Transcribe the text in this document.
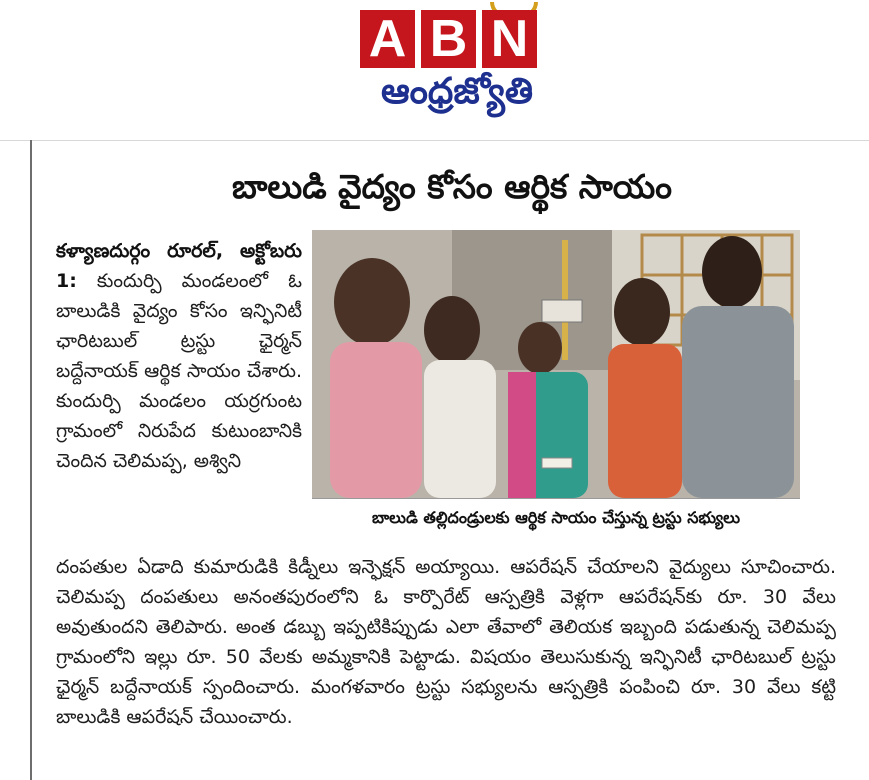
A B N
ఆంధ్రజ్యోతి
బాలుడి వైద్యం కోసం ఆర్థిక సాయం
బాలుడి తల్లిదండ్రులకు ఆర్థిక సాయం చేస్తున్న ట్రస్టు సభ్యులు
కళ్యాణదుర్గం రూరల్, అక్టోబరు 1: కుందుర్పి మండలంలో ఓ బాలుడికి వైద్యం కోసం ఇన్ఫినిటీ ఛారిటబుల్ ట్రస్టు ఛైర్మన్ బద్దేనాయక్ ఆర్థిక సాయం చేశారు. కుందుర్పి మండలం యర్రగుంట గ్రామంలో నిరుపేద కుటుంబానికి చెందిన చెలిమప్ప, అశ్విని
దంపతుల ఏడాది కుమారుడికి కిడ్నీలు ఇన్ఫెక్షన్ అయ్యాయి. ఆపరేషన్ చేయాలని వైద్యులు సూచించారు. చెలిమప్ప దంపతులు అనంతపురంలోని ఓ కార్పొరేట్ ఆస్పత్రికి వెళ్లగా ఆపరేషన్‌కు రూ. 30 వేలు అవుతుందని తెలిపారు. అంత డబ్బు ఇప్పటికిప్పుడు ఎలా తేవాలో తెలియక ఇబ్బంది పడుతున్న చెలిమప్ప గ్రామంలోని ఇల్లు రూ. 50 వేలకు అమ్మకానికి పెట్టాడు. విషయం తెలుసుకున్న ఇన్ఫినిటీ ఛారిటబుల్ ట్రస్టు ఛైర్మన్ బద్దేనాయక్ స్పందించారు. మంగళవారం ట్రస్టు సభ్యులను ఆస్పత్రికి పంపించి రూ. 30 వేలు కట్టి బాలుడికి ఆపరేషన్ చేయించారు.
